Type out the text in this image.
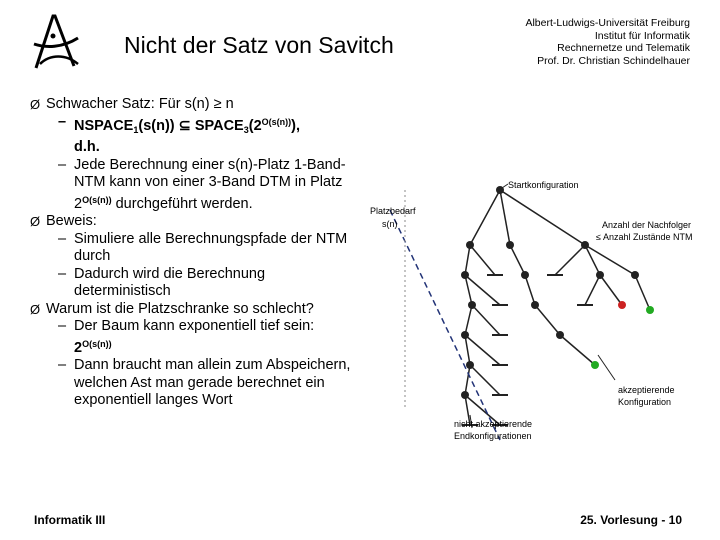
Nicht der Satz von Savitch
Albert-Ludwigs-Universität Freiburg
Institut für Informatik
Rechnernetze und Telematik
Prof. Dr. Christian Schindelhauer
Ø Schwacher Satz: Für s(n) ≥ n
– $NSPACE_1(s(n))$ ⊆ $SPACE_3(2^{O(s(n))})$,
d.h.
– Jede Berechnung einer s(n)-Platz 1-Band-NTM kann von einer 3-Band DTM in Platz $2^{O(s(n))}$ durchgeführt werden.
Ø Beweis:
– Simuliere alle Berechnungspfade der NTM durch
– Dadurch wird die Berechnung deterministisch
Ø Warum ist die Platzschranke so schlecht?
– Der Baum kann exponentiell tief sein:
$2^{O(s(n))}$
– Dann braucht man allein zum Abspeichern, welchen Ast man gerade berechnet ein exponentiell langes Wort
Startkonfiguration
Platzbedarf
s(n)	Anzahl der Nachfolger
≤ Anzahl Zustände NTM
akzeptierende
Konfiguration
nicht akzeptierende
Endkonfigurationen
Informatik III	25. Vorlesung - 10
